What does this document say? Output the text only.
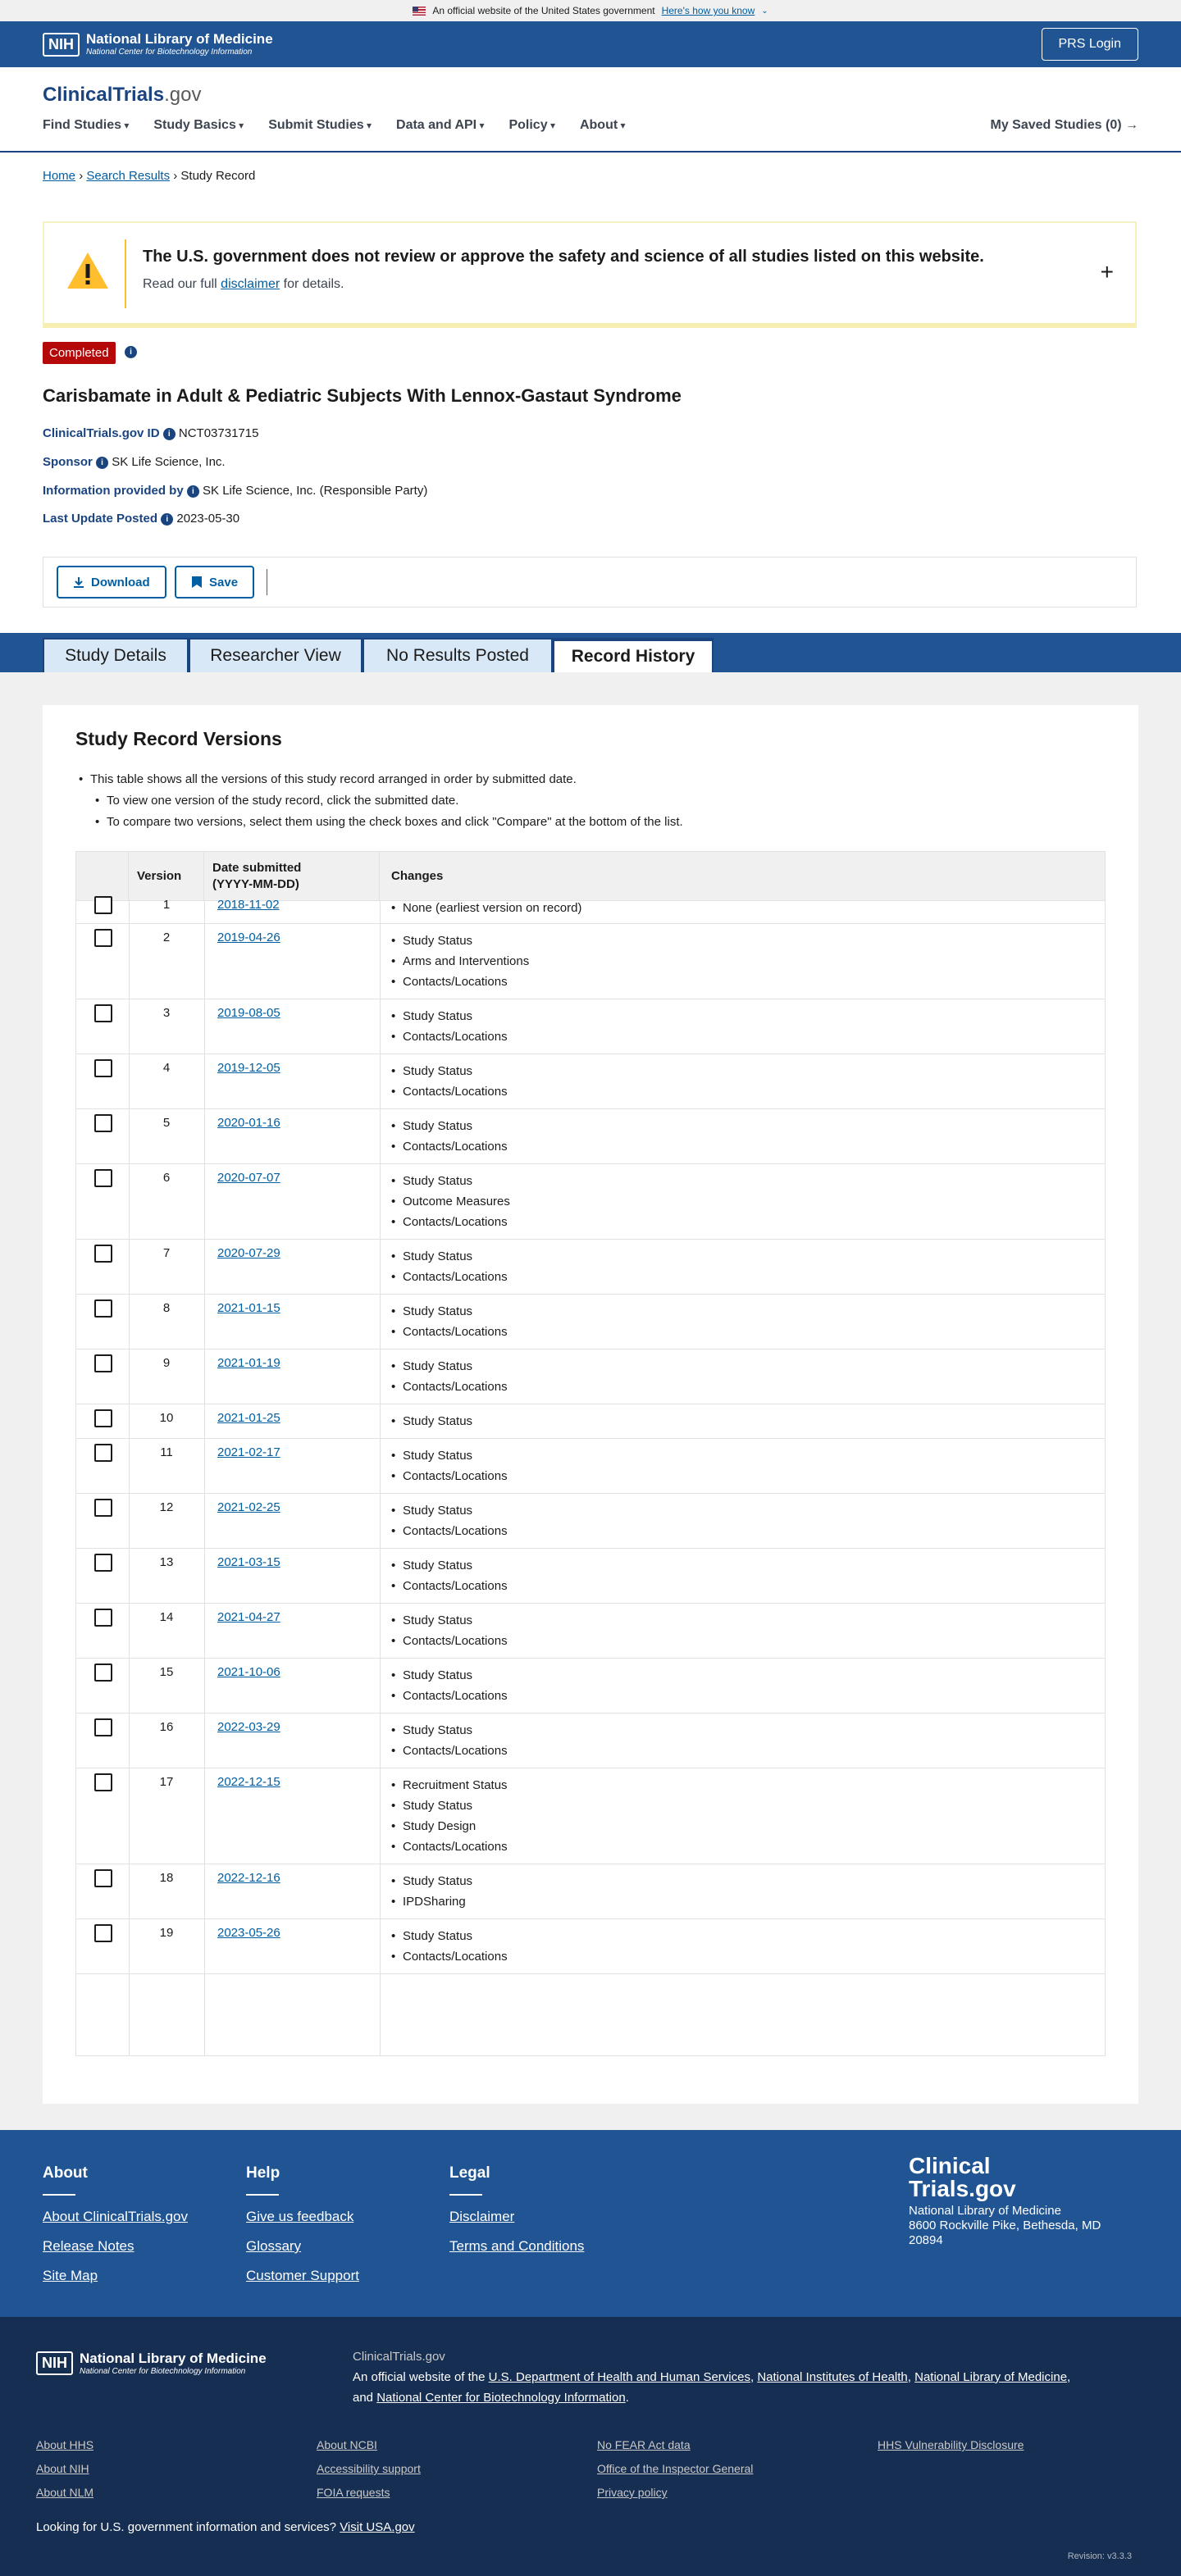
An official website of the United States government Here's how you know ⌄
NIH National Library of Medicine
National Center for Biotechnology Information
PRS Login
ClinicalTrials.gov
Find Studies ▾	Study Basics ▾	Submit Studies ▾	Data and API ▾	Policy ▾	About ▾	My Saved Studies (0) →
Home › Search Results › Study Record
The U.S. government does not review or approve the safety and science of all studies listed on this website.
Read our full disclaimer for details.	+
Completed	i
Carisbamate in Adult & Pediatric Subjects With Lennox-Gastaut Syndrome
ClinicalTrials.gov ID i NCT03731715
Sponsor i SK Life Science, Inc.
Information provided by i SK Life Science, Inc. (Responsible Party)
Last Update Posted i 2023-05-30
Download	Save
Study Details	Researcher View	No Results Posted	Record History
Study Record Versions
• This table shows all the versions of this study record arranged in order by submitted date.
• To view one version of the study record, click the submitted date.
• To compare two versions, select them using the check boxes and click "Compare" at the bottom of the list.
Version
Date submitted
(YYYY-MM-DD)
Changes
1	2018-11-02	• None (earliest version on record)
2	2019-04-26	• Study Status
• Arms and Interventions
• Contacts/Locations
3	2019-08-05	• Study Status
• Contacts/Locations
4	2019-12-05	• Study Status
• Contacts/Locations
5	2020-01-16	• Study Status
• Contacts/Locations
6	2020-07-07	• Study Status
• Outcome Measures
• Contacts/Locations
7	2020-07-29	• Study Status
• Contacts/Locations
8	2021-01-15	• Study Status
• Contacts/Locations
9	2021-01-19	• Study Status
• Contacts/Locations
10	2021-01-25	• Study Status
11	2021-02-17	• Study Status
• Contacts/Locations
12	2021-02-25	• Study Status
• Contacts/Locations
13	2021-03-15	• Study Status
• Contacts/Locations
14	2021-04-27	• Study Status
• Contacts/Locations
15	2021-10-06	• Study Status
• Contacts/Locations
16	2022-03-29	• Study Status
• Contacts/Locations
17	2022-12-15	• Recruitment Status
• Study Status
• Study Design
• Contacts/Locations
18	2022-12-16	• Study Status
• IPDSharing
19	2023-05-26	• Study Status
• Contacts/Locations
About
About ClinicalTrials.gov
Release Notes
Site Map
Help
Give us feedback
Glossary
Customer Support
Legal
Disclaimer
Terms and Conditions
Clinical
Trials.gov
National Library of Medicine
8600 Rockville Pike, Bethesda, MD
20894
NIH National Library of Medicine
National Center for Biotechnology Information
ClinicalTrials.gov
An official website of the U.S. Department of Health and Human Services, National Institutes of Health, National Library of Medicine,
and National Center for Biotechnology Information.
About HHS
About NIH
About NLM
About NCBI
Accessibility support
FOIA requests
No FEAR Act data
Office of the Inspector General
Privacy policy
HHS Vulnerability Disclosure
Looking for U.S. government information and services? Visit USA.gov
Revision: v3.3.3
